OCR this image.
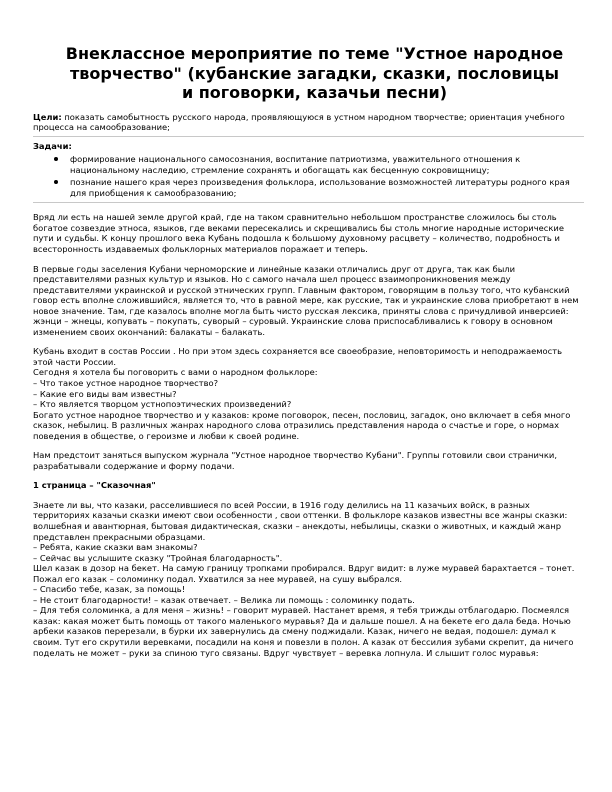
Внеклассное мероприятие по теме "Устное народное
творчество" (кубанские загадки, сказки, пословицы
и поговорки, казачьи песни)

Цели: показать самобытность русского народа, проявляющуюся в устном народном творчестве; ориентация учебного процесса на самообразование;

Задачи:

формирование национального самосознания, воспитание патриотизма, уважительного отношения к национальному наследию, стремление сохранять и обогащать как бесценную сокровищницу;
познание нашего края через произведения фольклора, использование возможностей литературы родного края для приобщения к самообразованию;

Вряд ли есть на нашей земле другой край, где на таком сравнительно небольшом пространстве сложилось бы столь богатое созвездие этноса, языков, где веками пересекались и скрещивались бы столь многие народные исторические пути и судьбы. К концу прошлого века Кубань подошла к большому духовному расцвету – количество, подробность и всесторонность издаваемых фольклорных материалов поражает и теперь.

В первые годы заселения Кубани черноморские и линейные казаки отличались друг от друга, так как были представителями разных культур и языков. Но с самого начала шел процесс взаимопроникновения между представителями украинской и русской этнических групп. Главным фактором, говорящим в пользу того, что кубанский говор есть вполне сложившийся, является то, что в равной мере, как русские, так и украинские слова приобретают в нем новое значение. Там, где казалось вполне могла быть чисто русская лексика, приняты слова с причудливой инверсией: жэнци – жнецы, копувать – покупать, суворый – суровый. Украинские слова приспосабливались к говору в основном изменением своих окончаний: балакаты – балакать.

Кубань входит в состав России . Но при этом здесь сохраняется все своеобразие, неповторимость и неподражаемость этой части России.

Сегодня я хотела бы поговорить с вами о народном фольклоре:
– Что такое устное народное творчество?
– Какие его виды вам известны?
– Кто является творцом устнопоэтических произведений?

Богато устное народное творчество и у казаков: кроме поговорок, песен, пословиц, загадок, оно включает в себя много сказок, небылиц. В различных жанрах народного слова отразились представления народа о счастье и горе, о нормах поведения в обществе, о героизме и любви к своей родине.

Нам предстоит заняться выпуском журнала "Устное народное творчество Кубани". Группы готовили свои странички, разрабатывали содержание и форму подачи.

1 страница – "Сказочная"

Знаете ли вы, что казаки, расселившиеся по всей России, в 1916 году делились на 11 казачьих войск, в разных территориях казачьи сказки имеют свои особенности , свои оттенки. В фольклоре казаков известны все жанры сказки: волшебная и авантюрная, бытовая дидактическая, сказки – анекдоты, небылицы, сказки о животных, и каждый жанр представлен прекрасными образцами.

– Ребята, какие сказки вам знакомы?
– Сейчас вы услышите сказку "Тройная благодарность".

Шел казак в дозор на бекет. На самую границу тропками пробирался. Вдруг видит: в луже муравей барахтается – тонет. Пожал его казак – соломинку подал. Ухватился за нее муравей, на сушу выбрался.

– Спасибо тебе, казак, за помощь!
– Не стоит благодарности! – казак отвечает. – Велика ли помощь : соломинку подать.

– Для тебя соломинка, а для меня – жизнь! – говорит муравей. Настанет время, я тебя трижды отблагодарю. Посмеялся казак: какая может быть помощь от такого маленького муравья? Да и дальше пошел. А на бекете его дала беда. Ночью арбеки казаков перерезали, в бурки их завернулись да смену поджидали. Казак, ничего не ведая, подошел: думал к своим. Тут его скрутили веревками, посадили на коня и повезли в полон. А казак от бессилия зубами скрепит, да ничего поделать не может – руки за спиною туго связаны. Вдруг чувствует – веревка лопнула. И слышит голос муравья:
